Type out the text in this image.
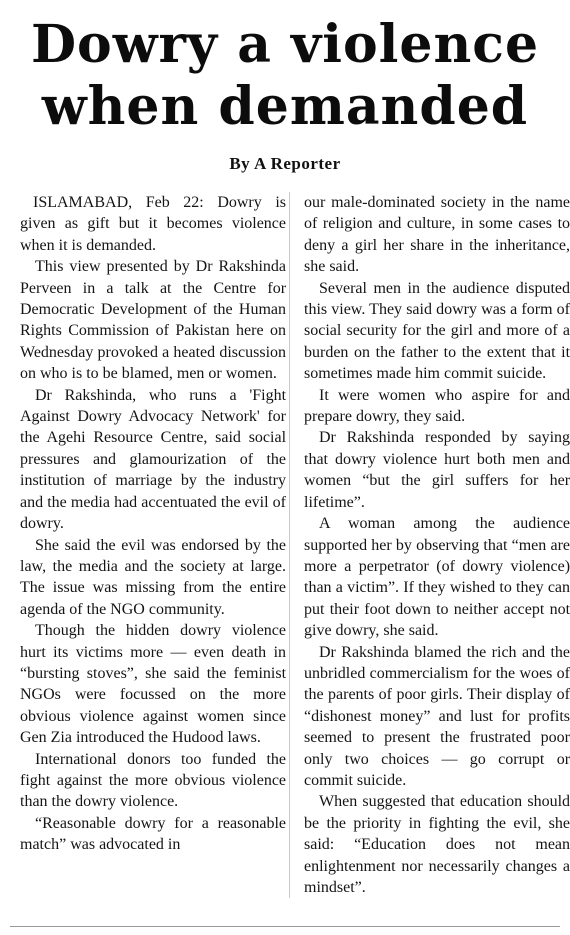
Dowry a violence
when demanded
By A Reporter

ISLAMABAD, Feb 22: Dowry is given as gift but it becomes violence when it is demanded.

This view presented by Dr Rakshinda Perveen in a talk at the Centre for Democratic Development of the Human Rights Commission of Pakistan here on Wednesday provoked a heated discussion on who is to be blamed, men or women.

Dr Rakshinda, who runs a 'Fight Against Dowry Advocacy Network' for the Agehi Resource Centre, said social pressures and glamourization of the institution of marriage by the industry and the media had accentuated the evil of dowry.

She said the evil was endorsed by the law, the media and the society at large. The issue was missing from the entire agenda of the NGO community.

Though the hidden dowry violence hurt its victims more — even death in “bursting stoves”, she said the feminist NGOs were focussed on the more obvious violence against women since Gen Zia introduced the Hudood laws.

International donors too funded the fight against the more obvious violence than the dowry violence.

“Reasonable dowry for a reasonable match” was advocated in

our male-dominated society in the name of religion and culture, in some cases to deny a girl her share in the inheritance, she said.

Several men in the audience disputed this view. They said dowry was a form of social security for the girl and more of a burden on the father to the extent that it sometimes made him commit suicide.

It were women who aspire for and prepare dowry, they said.

Dr Rakshinda responded by saying that dowry violence hurt both men and women “but the girl suffers for her lifetime”.

A woman among the audience supported her by observing that “men are more a perpetrator (of dowry violence) than a victim”. If they wished to they can put their foot down to neither accept not give dowry, she said.

Dr Rakshinda blamed the rich and the unbridled commercialism for the woes of the parents of poor girls. Their display of “dishonest money” and lust for profits seemed to present the frustrated poor only two choices — go corrupt or commit suicide.

When suggested that education should be the priority in fighting the evil, she said: “Education does not mean enlightenment nor necessarily changes a mindset”.
